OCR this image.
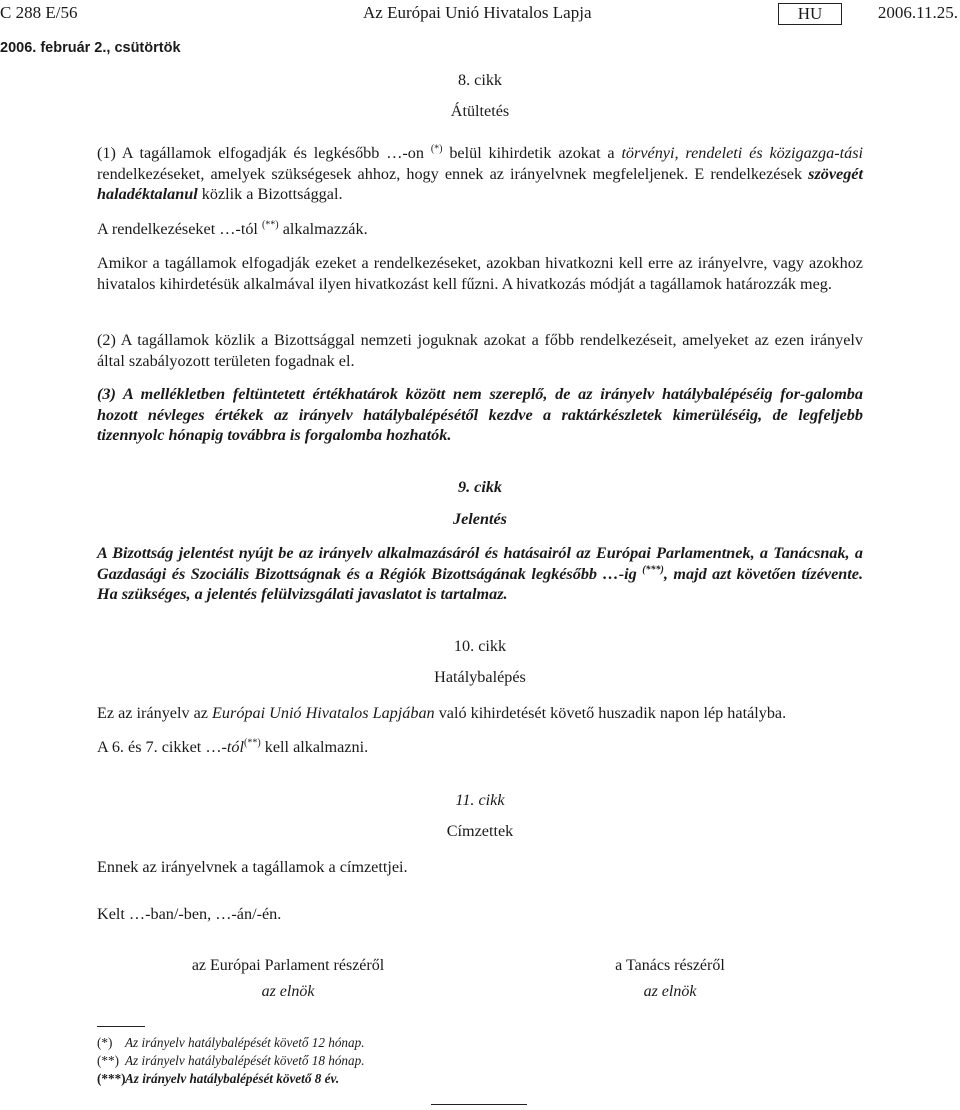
C 288 E/56	Az Európai Unió Hivatalos Lapja	HU	2006.11.25.
2006. február 2., csütörtök
8. cikk
Átültetés
(1) A tagállamok elfogadják és legkésőbb …-on (*) belül kihirdetik azokat a törvényi, rendeleti és közigazga-tási rendelkezéseket, amelyek szükségesek ahhoz, hogy ennek az irányelvnek megfeleljenek. E rendelkezések szövegét haladéktalanul közlik a Bizottsággal.
A rendelkezéseket …-tól (**) alkalmazzák.
Amikor a tagállamok elfogadják ezeket a rendelkezéseket, azokban hivatkozni kell erre az irányelvre, vagy azokhoz hivatalos kihirdetésük alkalmával ilyen hivatkozást kell fűzni. A hivatkozás módját a tagállamok határozzák meg.
(2) A tagállamok közlik a Bizottsággal nemzeti joguknak azokat a főbb rendelkezéseit, amelyeket az ezen irányelv által szabályozott területen fogadnak el.
(3) A mellékletben feltüntetett értékhatárok között nem szereplő, de az irányelv hatálybalépéséig for-galomba hozott névleges értékek az irányelv hatálybalépésétől kezdve a raktárkészletek kimerüléséig, de legfeljebb tizennyolc hónapig továbbra is forgalomba hozhatók.
9. cikk
Jelentés
A Bizottság jelentést nyújt be az irányelv alkalmazásáról és hatásairól az Európai Parlamentnek, a Tanácsnak, a Gazdasági és Szociális Bizottságnak és a Régiók Bizottságának legkésőbb …-ig (***), majd azt követően tízévente. Ha szükséges, a jelentés felülvizsgálati javaslatot is tartalmaz.
10. cikk
Hatálybalépés
Ez az irányelv az Európai Unió Hivatalos Lapjában való kihirdetését követő huszadik napon lép hatályba.
A 6. és 7. cikket …-tól(**) kell alkalmazni.
11. cikk
Címzettek
Ennek az irányelvnek a tagállamok a címzettjei.
Kelt …-ban/-ben, …-án/-én.
az Európai Parlament részéről
az elnök
a Tanács részéről
az elnök
(*) Az irányelv hatálybalépését követő 12 hónap.
(**) Az irányelv hatálybalépését követő 18 hónap.
(***)Az irányelv hatálybalépését követő 8 év.
